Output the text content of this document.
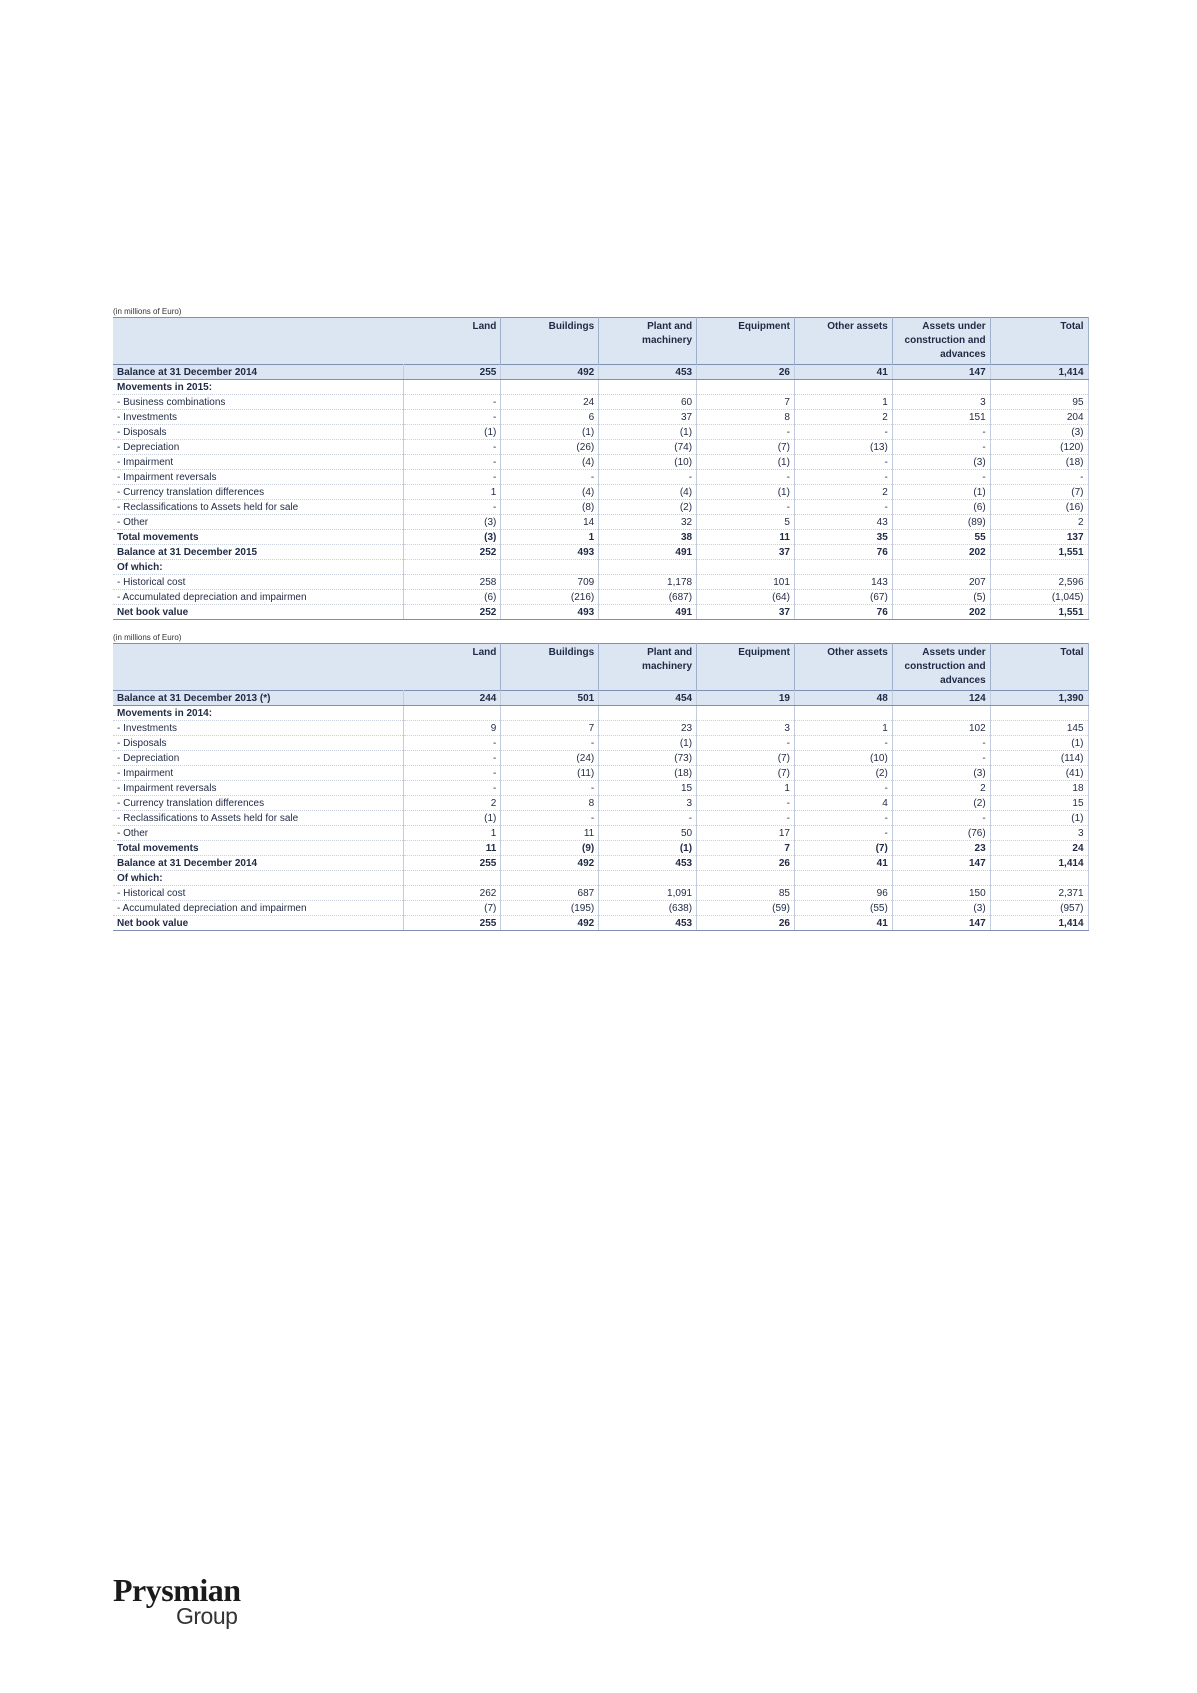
(in millions of Euro)
	Land	Buildings	Plant and machinery	Equipment	Other assets	Assets under construction and advances	Total
Balance at 31 December 2014	255	492	453	26	41	147	1,414
Movements in 2015:							
- Business combinations	-	24	60	7	1	3	95
- Investments	-	6	37	8	2	151	204
- Disposals	(1)	(1)	(1)	-	-	-	(3)
- Depreciation	-	(26)	(74)	(7)	(13)	-	(120)
- Impairment	-	(4)	(10)	(1)	-	(3)	(18)
- Impairment reversals	-	-	-	-	-	-	-
- Currency translation differences	1	(4)	(4)	(1)	2	(1)	(7)
- Reclassifications to Assets held for sale	-	(8)	(2)	-	-	(6)	(16)
- Other	(3)	14	32	5	43	(89)	2
Total movements	(3)	1	38	11	35	55	137
Balance at 31 December 2015	252	493	491	37	76	202	1,551
Of which:							
- Historical cost	258	709	1,178	101	143	207	2,596
- Accumulated depreciation and impairmen	(6)	(216)	(687)	(64)	(67)	(5)	(1,045)
Net book value	252	493	491	37	76	202	1,551
(in millions of Euro)
	Land	Buildings	Plant and machinery	Equipment	Other assets	Assets under construction and advances	Total
Balance at 31 December 2013 (*)	244	501	454	19	48	124	1,390
Movements in 2014:							
- Investments	9	7	23	3	1	102	145
- Disposals	-	-	(1)	-	-	-	(1)
- Depreciation	-	(24)	(73)	(7)	(10)	-	(114)
- Impairment	-	(11)	(18)	(7)	(2)	(3)	(41)
- Impairment reversals	-	-	15	1	-	2	18
- Currency translation differences	2	8	3	-	4	(2)	15
- Reclassifications to Assets held for sale	(1)	-	-	-	-	-	(1)
- Other	1	11	50	17	-	(76)	3
Total movements	11	(9)	(1)	7	(7)	23	24
Balance at 31 December 2014	255	492	453	26	41	147	1,414
Of which:							
- Historical cost	262	687	1,091	85	96	150	2,371
- Accumulated depreciation and impairmen	(7)	(195)	(638)	(59)	(55)	(3)	(957)
Net book value	255	492	453	26	41	147	1,414
Prysmian
Group
